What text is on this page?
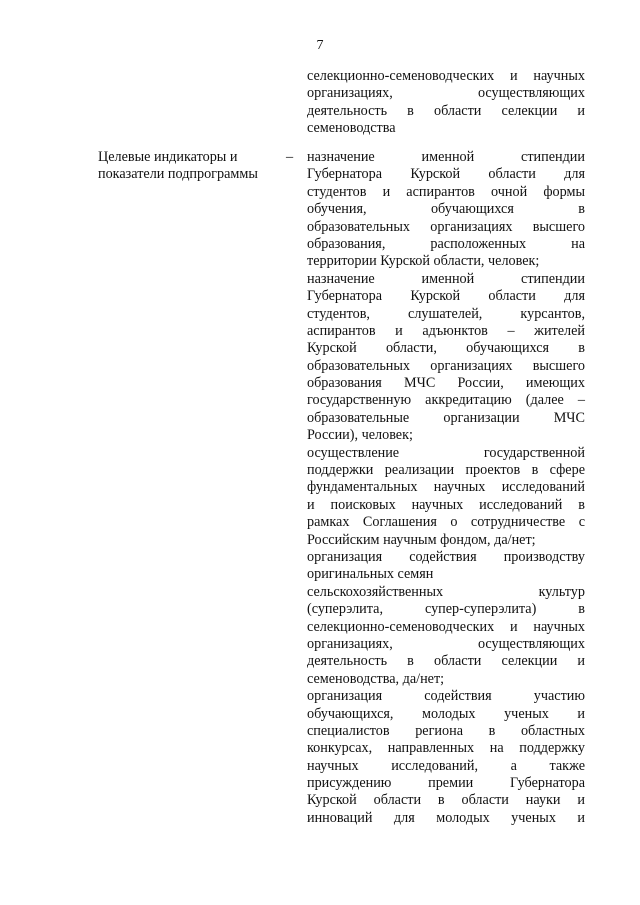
7
селекционно-семеноводческих и научных
организациях, осуществляющих
деятельность в области селекции и
семеноводства
Целевые индикаторы и
показатели подпрограммы
– назначение именной стипендии
Губернатора Курской области для
студентов и аспирантов очной формы
обучения, обучающихся в
образовательных организациях высшего
образования, расположенных на
территории Курской области, человек;
назначение именной стипендии
Губернатора Курской области для
студентов, слушателей, курсантов,
аспирантов и адъюнктов – жителей
Курской области, обучающихся в
образовательных организациях высшего
образования МЧС России, имеющих
государственную аккредитацию (далее –
образовательные организации МЧС
России), человек;
осуществление государственной
поддержки реализации проектов в сфере
фундаментальных научных исследований
и поисковых научных исследований в
рамках Соглашения о сотрудничестве с
Российским научным фондом, да/нет;
организация содействия производству
оригинальных семян
сельскохозяйственных культур
(суперэлита, супер-суперэлита) в
селекционно-семеноводческих и научных
организациях, осуществляющих
деятельность в области селекции и
семеноводства, да/нет;
организация содействия участию
обучающихся, молодых ученых и
специалистов региона в областных
конкурсах, направленных на поддержку
научных исследований, а также
присуждению премии Губернатора
Курской области в области науки и
инноваций для молодых ученых и
